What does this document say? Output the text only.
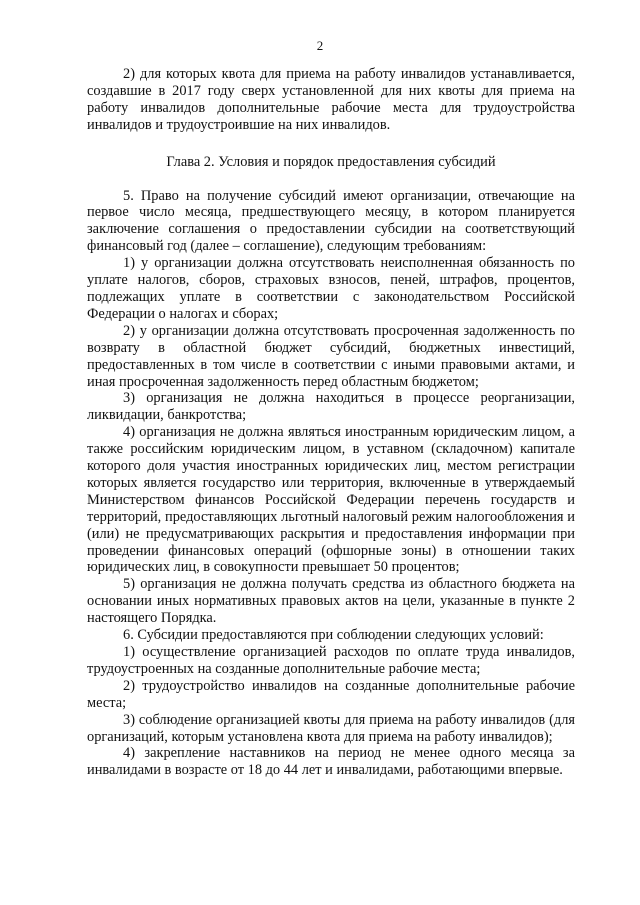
2

2) для которых квота для приема на работу инвалидов устанавливается, создавшие в 2017 году сверх установленной для них квоты для приема на работу инвалидов дополнительные рабочие места для трудоустройства инвалидов и трудоустроившие на них инвалидов.

Глава 2. Условия и порядок предоставления субсидий

5. Право на получение субсидий имеют организации, отвечающие на первое число месяца, предшествующего месяцу, в котором планируется заключение соглашения о предоставлении субсидии на соответствующий финансовый год (далее – соглашение), следующим требованиям:

1) у организации должна отсутствовать неисполненная обязанность по уплате налогов, сборов, страховых взносов, пеней, штрафов, процентов, подлежащих уплате в соответствии с законодательством Российской Федерации о налогах и сборах;

2) у организации должна отсутствовать просроченная задолженность по возврату в областной бюджет субсидий, бюджетных инвестиций, предоставленных в том числе в соответствии с иными правовыми актами, и иная просроченная задолженность перед областным бюджетом;

3) организация не должна находиться в процессе реорганизации, ликвидации, банкротства;

4) организация не должна являться иностранным юридическим лицом, а также российским юридическим лицом, в уставном (складочном) капитале которого доля участия иностранных юридических лиц, местом регистрации которых является государство или территория, включенные в утверждаемый Министерством финансов Российской Федерации перечень государств и территорий, предоставляющих льготный налоговый режим налогообложения и (или) не предусматривающих раскрытия и предоставления информации при проведении финансовых операций (офшорные зоны) в отношении таких юридических лиц, в совокупности превышает 50 процентов;

5) организация не должна получать средства из областного бюджета на основании иных нормативных правовых актов на цели, указанные в пункте 2 настоящего Порядка.

6. Субсидии предоставляются при соблюдении следующих условий:

1) осуществление организацией расходов по оплате труда инвалидов, трудоустроенных на созданные дополнительные рабочие места;

2) трудоустройство инвалидов на созданные дополнительные рабочие места;

3) соблюдение организацией квоты для приема на работу инвалидов (для организаций, которым установлена квота для приема на работу инвалидов);

4) закрепление наставников на период не менее одного месяца за инвалидами в возрасте от 18 до 44 лет и инвалидами, работающими впервые.
